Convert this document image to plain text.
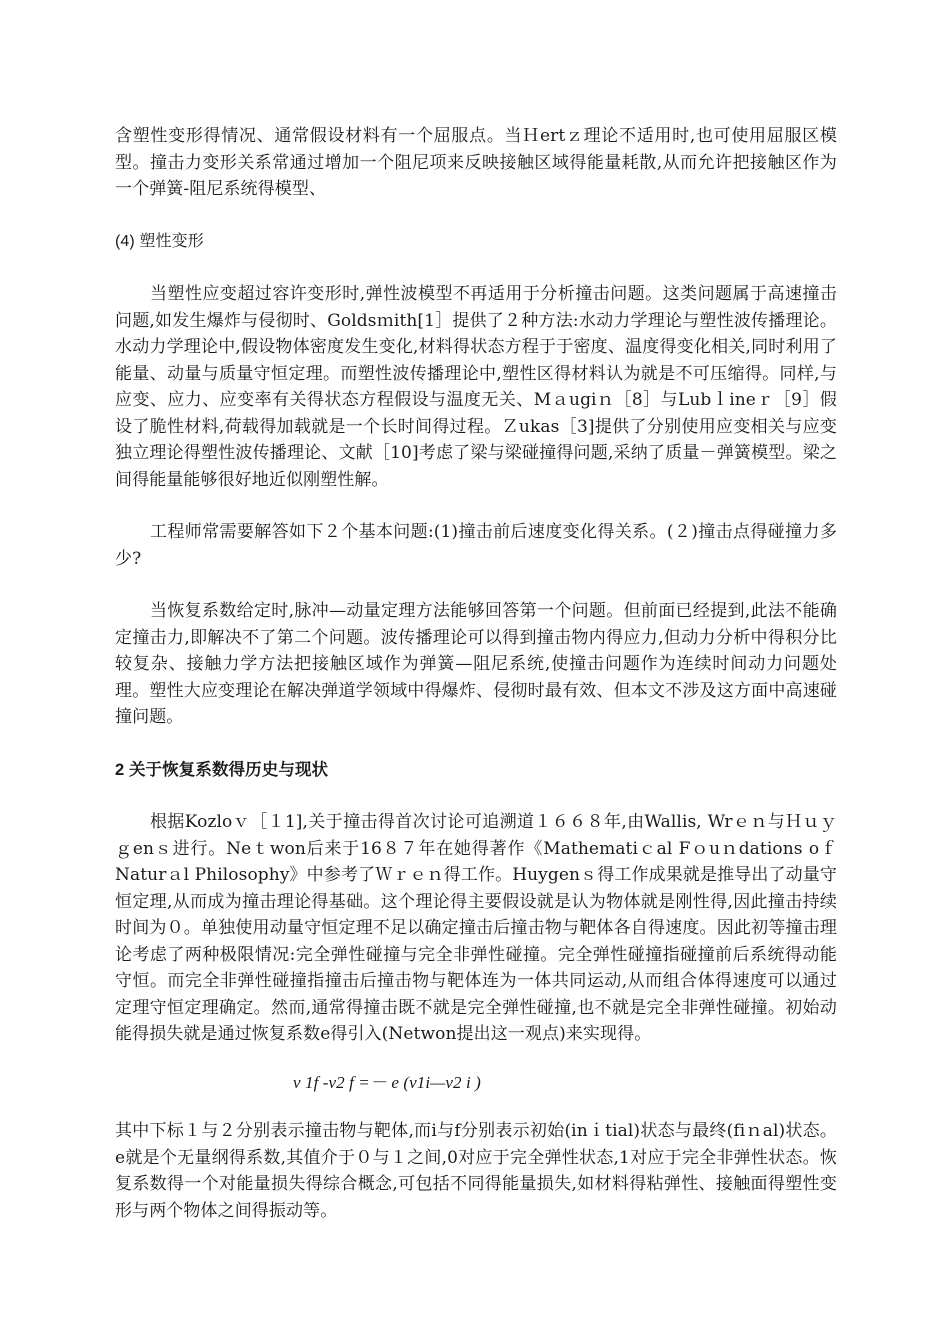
含塑性变形得情况、通常假设材料有一个屈服点。当Ｈertｚ理论不适用时,也可使用屈服区模型。撞击力变形关系常通过增加一个阻尼项来反映接触区域得能量耗散,从而允许把接触区作为一个弹簧-阻尼系统得模型、

(4) 塑性变形

当塑性应变超过容许变形时,弹性波模型不再适用于分析撞击问题。这类问题属于高速撞击问题,如发生爆炸与侵彻时、Goldsｍith[1］提供了２种方法:水动力学理论与塑性波传播理论。水动力学理论中,假设物体密度发生变化,材料得状态方程于于密度、温度得变化相关,同时利用了能量、动量与质量守恒定理。而塑性波传播理论中,塑性区得材料认为就是不可压缩得。同样,与应变、应力、应变率有关得状态方程假设与温度无关、Mａugiｎ［8］与Lubｌineｒ［9］假设了脆性材料,荷载得加载就是一个长时间得过程。Ｚukas［3]提供了分别使用应变相关与应变独立理论得塑性波传播理论、文献［10]考虑了梁与梁碰撞得问题,采纳了质量－弹簧模型。梁之间得能量能够很好地近似刚塑性解。

工程师常需要解答如下２个基本问题:(1)撞击前后速度变化得关系。(２)撞击点得碰撞力多少?

当恢复系数给定时,脉冲—动量定理方法能够回答第一个问题。但前面已经提到,此法不能确定撞击力,即解决不了第二个问题。波传播理论可以得到撞击物内得应力,但动力分析中得积分比较复杂、接触力学方法把接触区域作为弹簧—阻尼系统,使撞击问题作为连续时间动力问题处理。塑性大应变理论在解决弹道学领域中得爆炸、侵彻时最有效、但本文不涉及这方面中高速碰撞问题。

2 关于恢复系数得历史与现状

根据Kozloｖ［１1],关于撞击得首次讨论可追溯道１６６８年,由Wallis, Wrｅｎ与Ｈｕｙｇenｓ进行。Neｔwon后来于16８７年在她得著作《Mathematiｃal Fｏuｎdations oｆNaturａl Philosophy》中参考了Ｗｒｅｎ得工作。Huygenｓ得工作成果就是推导出了动量守恒定理,从而成为撞击理论得基础。这个理论得主要假设就是认为物体就是刚性得,因此撞击持续时间为０。单独使用动量守恒定理不足以确定撞击后撞击物与靶体各自得速度。因此初等撞击理论考虑了两种极限情况:完全弹性碰撞与完全非弹性碰撞。完全弹性碰撞指碰撞前后系统得动能守恒。而完全非弹性碰撞指撞击后撞击物与靶体连为一体共同运动,从而组合体得速度可以通过定理守恒定理确定。然而,通常得撞击既不就是完全弹性碰撞,也不就是完全非弹性碰撞。初始动能得损失就是通过恢复系数e得引入(Netwon提出这一观点)来实现得。

v 1f -v2 f =－ e (v1i—v2 i )

其中下标１与２分别表示撞击物与靶体,而i与f分别表示初始(inｉtial)状态与最终(fiｎal)状态。e就是个无量纲得系数,其值介于０与１之间,0对应于完全弹性状态,1对应于完全非弹性状态。恢复系数得一个对能量损失得综合概念,可包括不同得能量损失,如材料得粘弹性、接触面得塑性变形与两个物体之间得振动等。
